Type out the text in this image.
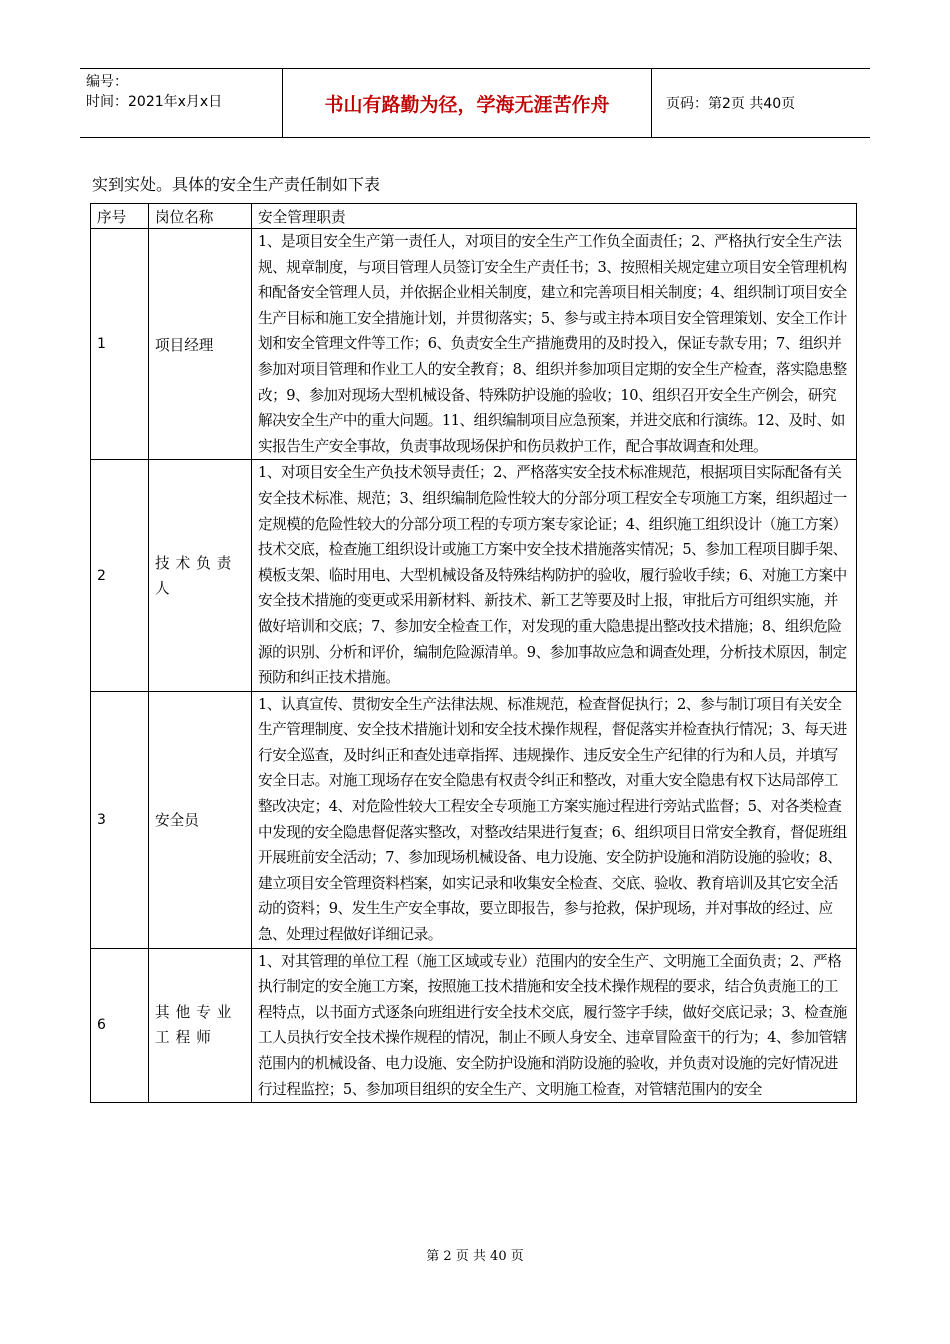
编号：
时间：2021年x月x日	书山有路勤为径，学海无涯苦作舟	页码：第2页 共40页
实到实处。具体的安全生产责任制如下表
序号	岗位名称	安全管理职责
1	项目经理	1、是项目安全生产第一责任人，对项目的安全生产工作负全面责任；2、严格执行安全生产法规、规章制度，与项目管理人员签订安全生产责任书；3、按照相关规定建立项目安全管理机构和配备安全管理人员，并依据企业相关制度，建立和完善项目相关制度；4、组织制订项目安全生产目标和施工安全措施计划，并贯彻落实；5、参与或主持本项目安全管理策划、安全工作计划和安全管理文件等工作；6、负责安全生产措施费用的及时投入，保证专款专用；7、组织并参加对项目管理和作业工人的安全教育；8、组织并参加项目定期的安全生产检查，落实隐患整改；9、参加对现场大型机械设备、特殊防护设施的验收；10、组织召开安全生产例会，研究解决安全生产中的重大问题。11、组织编制项目应急预案，并进交底和行演练。12、及时、如实报告生产安全事故，负责事故现场保护和伤员救护工作，配合事故调查和处理。
2	技术负责人	1、对项目安全生产负技术领导责任；2、严格落实安全技术标准规范，根据项目实际配备有关安全技术标准、规范；3、组织编制危险性较大的分部分项工程安全专项施工方案，组织超过一定规模的危险性较大的分部分项工程的专项方案专家论证；4、组织施工组织设计（施工方案）技术交底，检查施工组织设计或施工方案中安全技术措施落实情况；5、参加工程项目脚手架、模板支架、临时用电、大型机械设备及特殊结构防护的验收，履行验收手续；6、对施工方案中安全技术措施的变更或采用新材料、新技术、新工艺等要及时上报，审批后方可组织实施，并做好培训和交底；7、参加安全检查工作，对发现的重大隐患提出整改技术措施；8、组织危险源的识别、分析和评价，编制危险源清单。9、参加事故应急和调查处理，分析技术原因，制定预防和纠正技术措施。
3	安全员	1、认真宣传、贯彻安全生产法律法规、标准规范，检查督促执行；2、参与制订项目有关安全生产管理制度、安全技术措施计划和安全技术操作规程，督促落实并检查执行情况；3、每天进行安全巡查，及时纠正和查处违章指挥、违规操作、违反安全生产纪律的行为和人员，并填写安全日志。对施工现场存在安全隐患有权责令纠正和整改，对重大安全隐患有权下达局部停工整改决定；4、对危险性较大工程安全专项施工方案实施过程进行旁站式监督；5、对各类检查中发现的安全隐患督促落实整改，对整改结果进行复查；6、组织项目日常安全教育，督促班组开展班前安全活动；7、参加现场机械设备、电力设施、安全防护设施和消防设施的验收；8、建立项目安全管理资料档案，如实记录和收集安全检查、交底、验收、教育培训及其它安全活动的资料；9、发生生产安全事故，要立即报告，参与抢救，保护现场，并对事故的经过、应急、处理过程做好详细记录。
6	其他专业工程师	1、对其管理的单位工程（施工区域或专业）范围内的安全生产、文明施工全面负责；2、严格执行制定的安全施工方案，按照施工技术措施和安全技术操作规程的要求，结合负责施工的工程特点，以书面方式逐条向班组进行安全技术交底，履行签字手续，做好交底记录；3、检查施工人员执行安全技术操作规程的情况，制止不顾人身安全、违章冒险蛮干的行为；4、参加管辖范围内的机械设备、电力设施、安全防护设施和消防设施的验收，并负责对设施的完好情况进行过程监控；5、参加项目组织的安全生产、文明施工检查，对管辖范围内的安全
第 2 页 共 40 页
